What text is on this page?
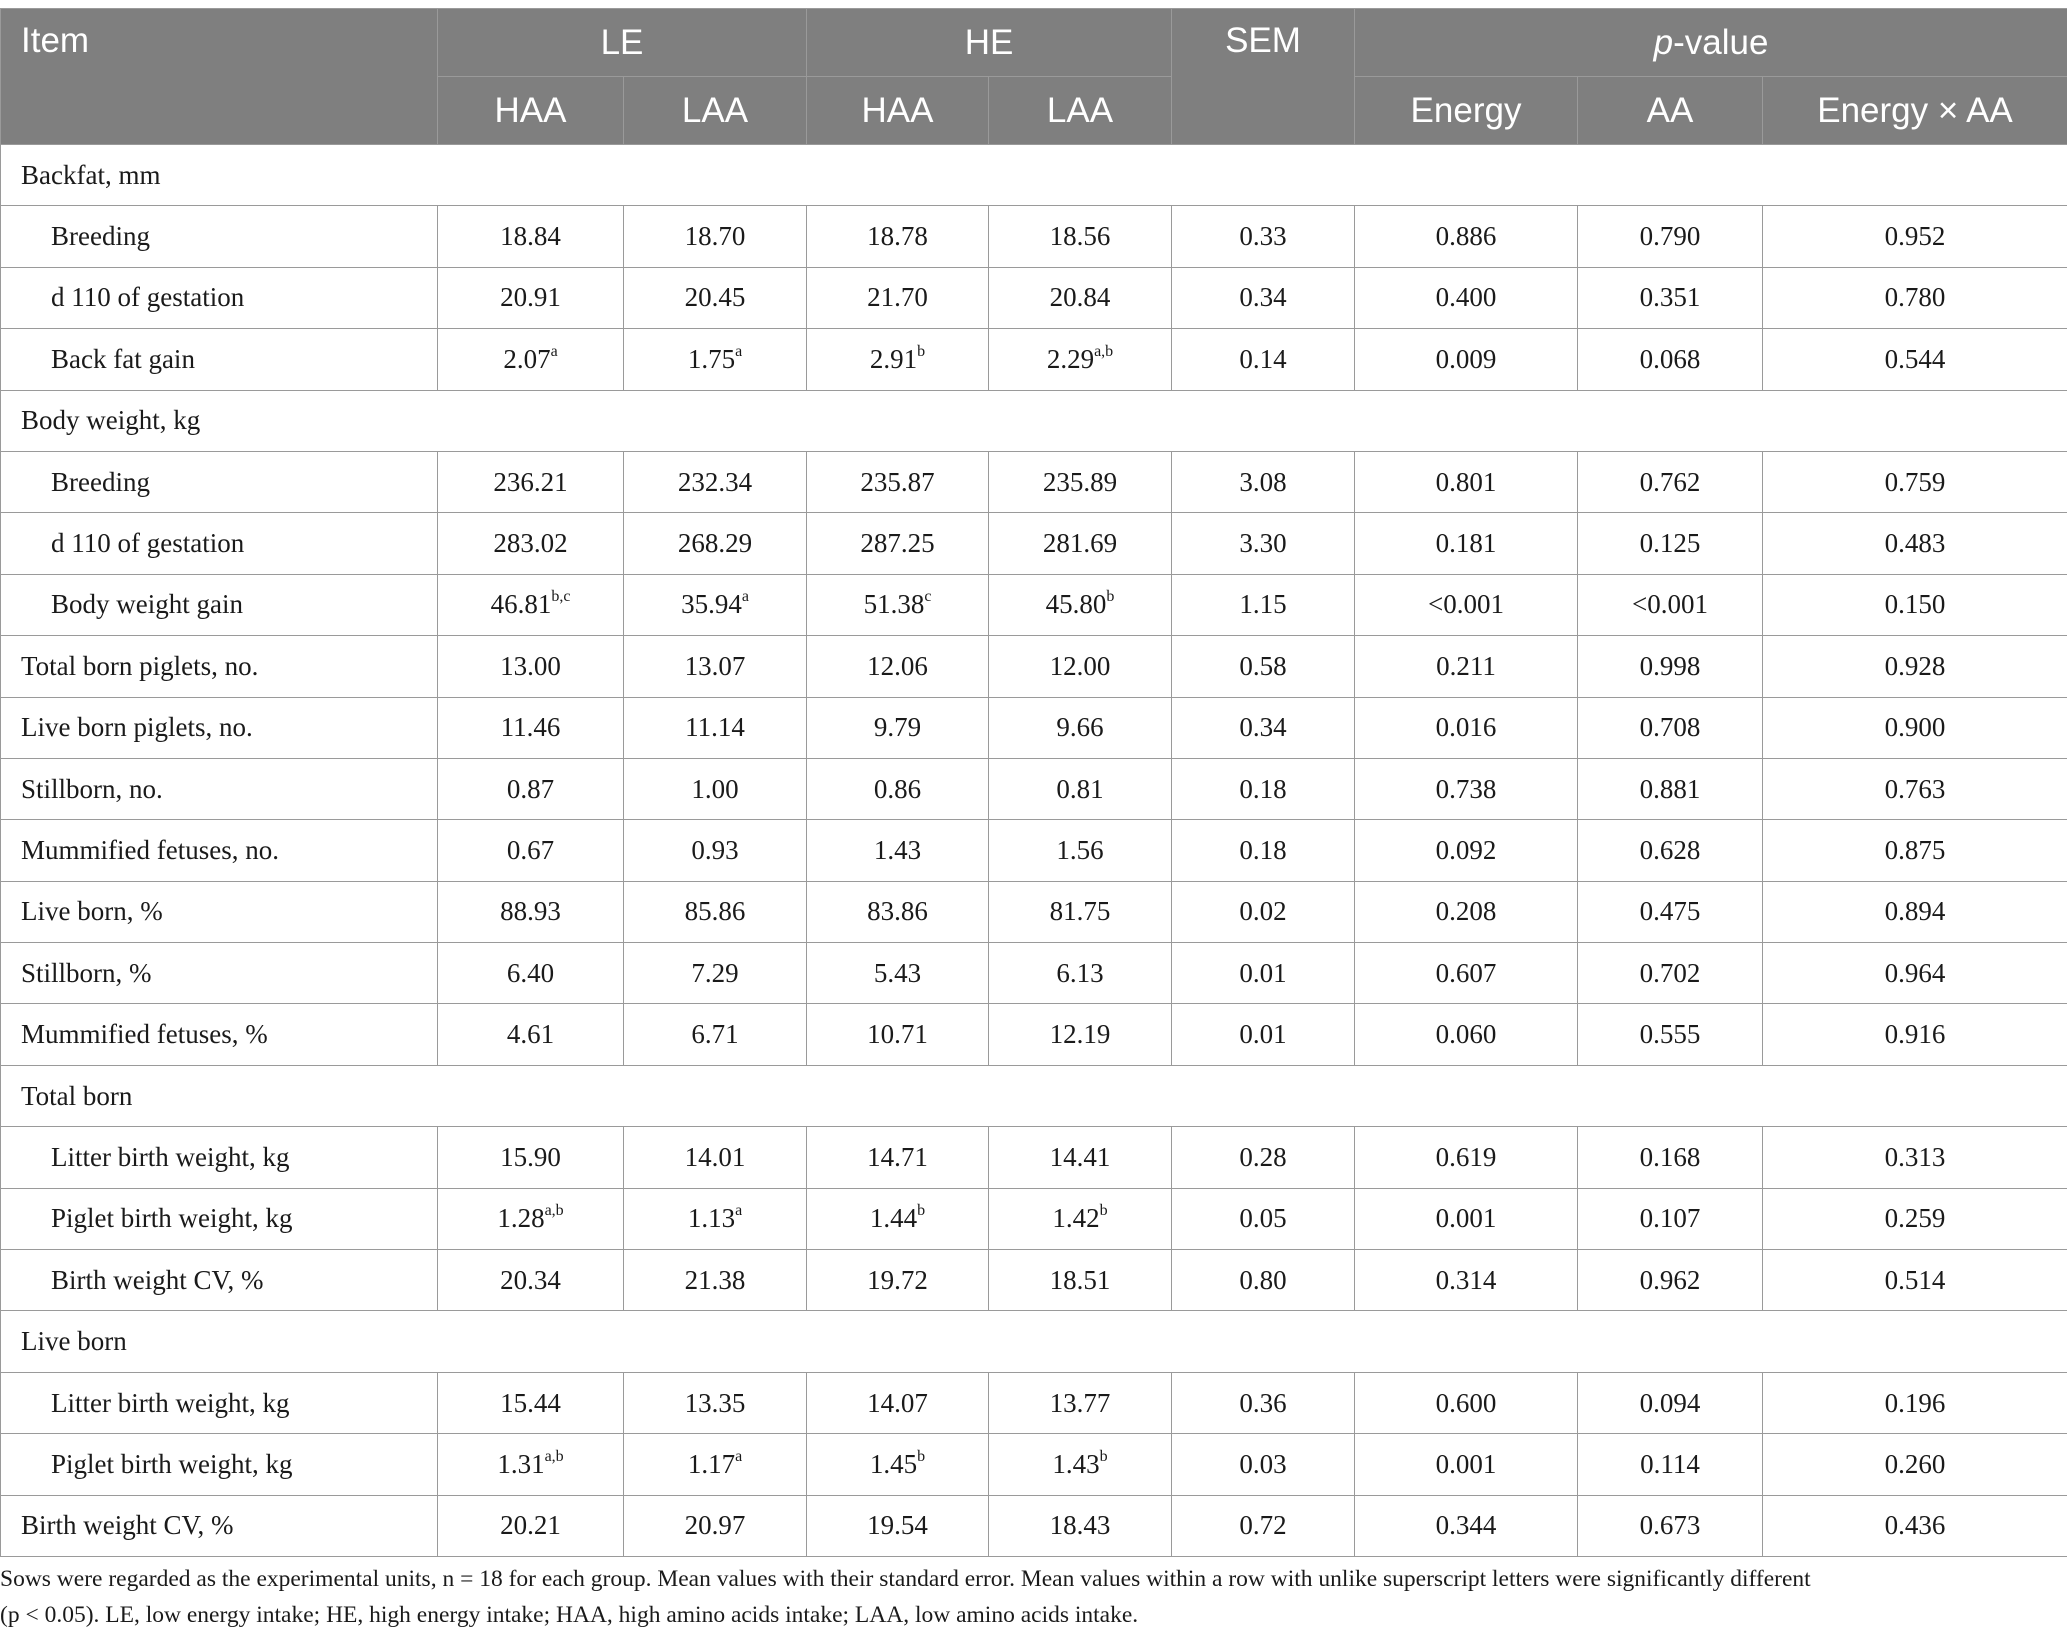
Item	LE		HE		SEM	p-value		
	HAA	LAA	HAA	LAA		Energy	AA	Energy × AA
Backfat, mm								
Breeding	18.84	18.70	18.78	18.56	0.33	0.886	0.790	0.952
d 110 of gestation	20.91	20.45	21.70	20.84	0.34	0.400	0.351	0.780
Back fat gain	2.07$^a$	1.75$^a$	2.91$^b$	2.29$^{a,b}$	0.14	0.009	0.068	0.544
Body weight, kg								
Breeding	236.21	232.34	235.87	235.89	3.08	0.801	0.762	0.759
d 110 of gestation	283.02	268.29	287.25	281.69	3.30	0.181	0.125	0.483
Body weight gain	46.81$^{b,c}$	35.94$^a$	51.38$^c$	45.80$^b$	1.15	<0.001	<0.001	0.150
Total born piglets, no.	13.00	13.07	12.06	12.00	0.58	0.211	0.998	0.928
Live born piglets, no.	11.46	11.14	9.79	9.66	0.34	0.016	0.708	0.900
Stillborn, no.	0.87	1.00	0.86	0.81	0.18	0.738	0.881	0.763
Mummified fetuses, no.	0.67	0.93	1.43	1.56	0.18	0.092	0.628	0.875
Live born, %	88.93	85.86	83.86	81.75	0.02	0.208	0.475	0.894
Stillborn, %	6.40	7.29	5.43	6.13	0.01	0.607	0.702	0.964
Mummified fetuses, %	4.61	6.71	10.71	12.19	0.01	0.060	0.555	0.916
Total born								
Litter birth weight, kg	15.90	14.01	14.71	14.41	0.28	0.619	0.168	0.313
Piglet birth weight, kg	1.28$^{a,b}$	1.13$^a$	1.44$^b$	1.42$^b$	0.05	0.001	0.107	0.259
Birth weight CV, %	20.34	21.38	19.72	18.51	0.80	0.314	0.962	0.514
Live born								
Litter birth weight, kg	15.44	13.35	14.07	13.77	0.36	0.600	0.094	0.196
Piglet birth weight, kg	1.31$^{a,b}$	1.17$^a$	1.45$^b$	1.43$^b$	0.03	0.001	0.114	0.260
Birth weight CV, %	20.21	20.97	19.54	18.43	0.72	0.344	0.673	0.436
Sows were regarded as the experimental units, n = 18 for each group. Mean values with their standard error. Mean values within a row with unlike superscript letters were significantly different
(p < 0.05). LE, low energy intake; HE, high energy intake; HAA, high amino acids intake; LAA, low amino acids intake.
